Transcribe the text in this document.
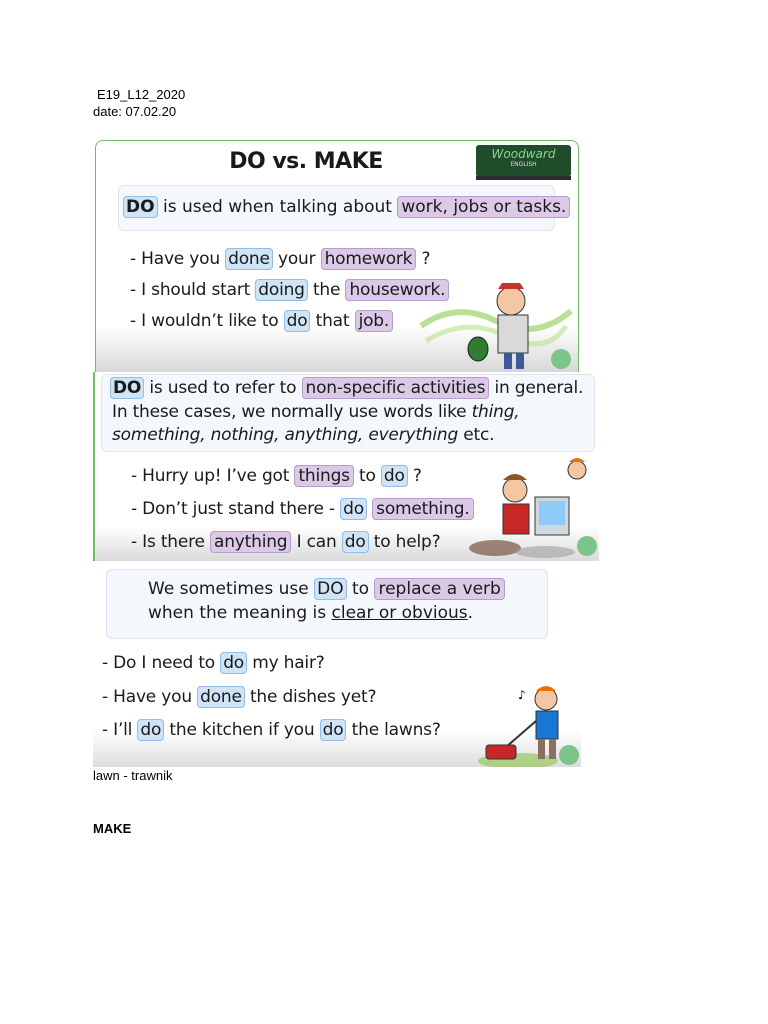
E19_L12_2020
date: 07.02.20
DO vs. MAKE	Woodward
ENGLISH
DO is used when talking about work, jobs or tasks.
- Have you done your homework ?
- I should start doing the housework.
- I wouldn’t like to do that job.
DO is used to refer to non-specific activities in general.
In these cases, we normally use words like thing,
something, nothing, anything, everything etc.
- Hurry up! I’ve got things to do ?
- Don’t just stand there - do something.
- Is there anything I can do to help?
We sometimes use DO to replace a verb
when the meaning is clear or obvious.
- Do I need to do my hair?
- Have you done the dishes yet?
- I’ll do the kitchen if you do the lawns?
♪
lawn - trawnik
MAKE
